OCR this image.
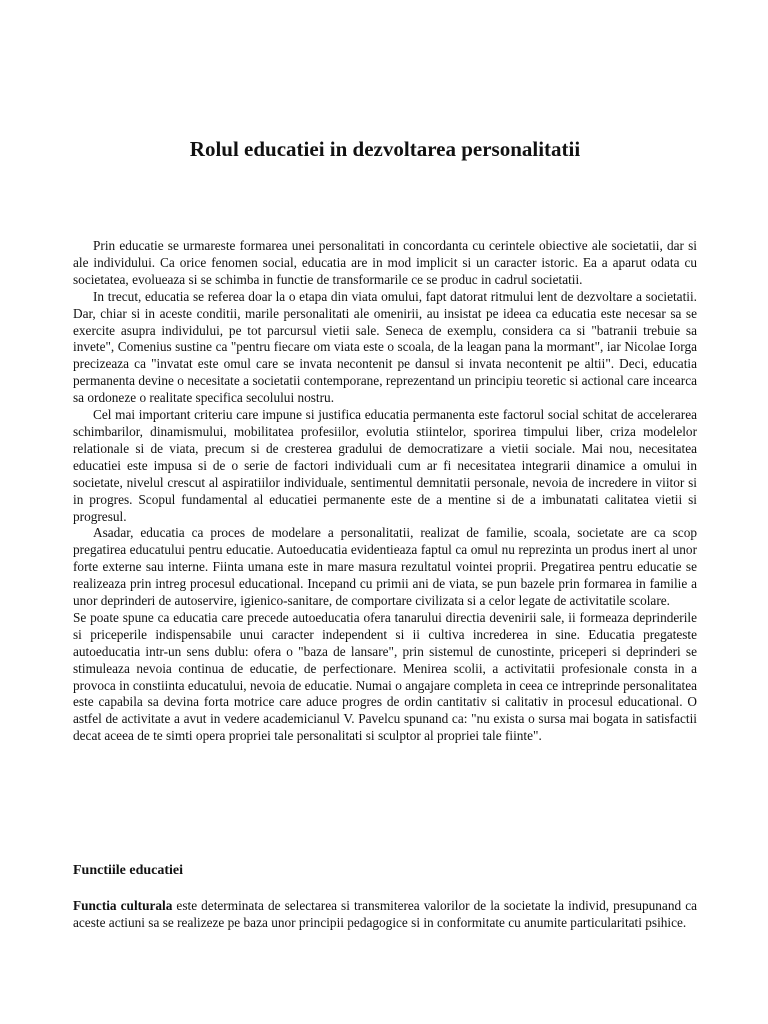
Rolul educatiei in dezvoltarea personalitatii

Prin educatie se urmareste formarea unei personalitati in concordanta cu cerintele obiective ale societatii, dar si ale individului. Ca orice fenomen social, educatia are in mod implicit si un caracter istoric. Ea a aparut odata cu societatea, evolueaza si se schimba in functie de transformarile ce se produc in cadrul societatii.

In trecut, educatia se referea doar la o etapa din viata omului, fapt datorat ritmului lent de dezvoltare a societatii. Dar, chiar si in aceste conditii, marile personalitati ale omenirii, au insistat pe ideea ca educatia este necesar sa se exercite asupra individului, pe tot parcursul vietii sale. Seneca de exemplu, considera ca si "batranii trebuie sa invete", Comenius sustine ca "pentru fiecare om viata este o scoala, de la leagan pana la mormant", iar Nicolae Iorga precizeaza ca "invatat este omul care se invata necontenit pe dansul si invata necontenit pe altii". Deci, educatia permanenta devine o necesitate a societatii contemporane, reprezentand un principiu teoretic si actional care incearca sa ordoneze o realitate specifica secolului nostru.

Cel mai important criteriu care impune si justifica educatia permanenta este factorul social schitat de accelerarea schimbarilor, dinamismului, mobilitatea profesiilor, evolutia stiintelor, sporirea timpului liber, criza modelelor relationale si de viata, precum si de cresterea gradului de democratizare a vietii sociale. Mai nou, necesitatea educatiei este impusa si de o serie de factori individuali cum ar fi necesitatea integrarii dinamice a omului in societate, nivelul crescut al aspiratiilor individuale, sentimentul demnitatii personale, nevoia de incredere in viitor si in progres. Scopul fundamental al educatiei permanente este de a mentine si de a imbunatati calitatea vietii si progresul.

Asadar, educatia ca proces de modelare a personalitatii, realizat de familie, scoala, societate are ca scop pregatirea educatului pentru educatie. Autoeducatia evidentieaza faptul ca omul nu reprezinta un produs inert al unor forte externe sau interne. Fiinta umana este in mare masura rezultatul vointei proprii. Pregatirea pentru educatie se realizeaza prin intreg procesul educational. Incepand cu primii ani de viata, se pun bazele prin formarea in familie a unor deprinderi de autoservire, igienico-sanitare, de comportare civilizata si a celor legate de activitatile scolare.

Se poate spune ca educatia care precede autoeducatia ofera tanarului directia devenirii sale, ii formeaza deprinderile si priceperile indispensabile unui caracter independent si ii cultiva increderea in sine. Educatia pregateste autoeducatia intr-un sens dublu: ofera o "baza de lansare", prin sistemul de cunostinte, priceperi si deprinderi se stimuleaza nevoia continua de educatie, de perfectionare. Menirea scolii, a activitatii profesionale consta in a provoca in constiinta educatului, nevoia de educatie. Numai o angajare completa in ceea ce intreprinde personalitatea este capabila sa devina forta motrice care aduce progres de ordin cantitativ si calitativ in procesul educational. O astfel de activitate a avut in vedere academicianul V. Pavelcu spunand ca: "nu exista o sursa mai bogata in satisfactii decat aceea de te simti opera propriei tale personalitati si sculptor al propriei tale fiinte".

Functiile educatiei

Functia culturala este determinata de selectarea si transmiterea valorilor de la societate la individ, presupunand ca aceste actiuni sa se realizeze pe baza unor principii pedagogice si in conformitate cu anumite particularitati psihice.
